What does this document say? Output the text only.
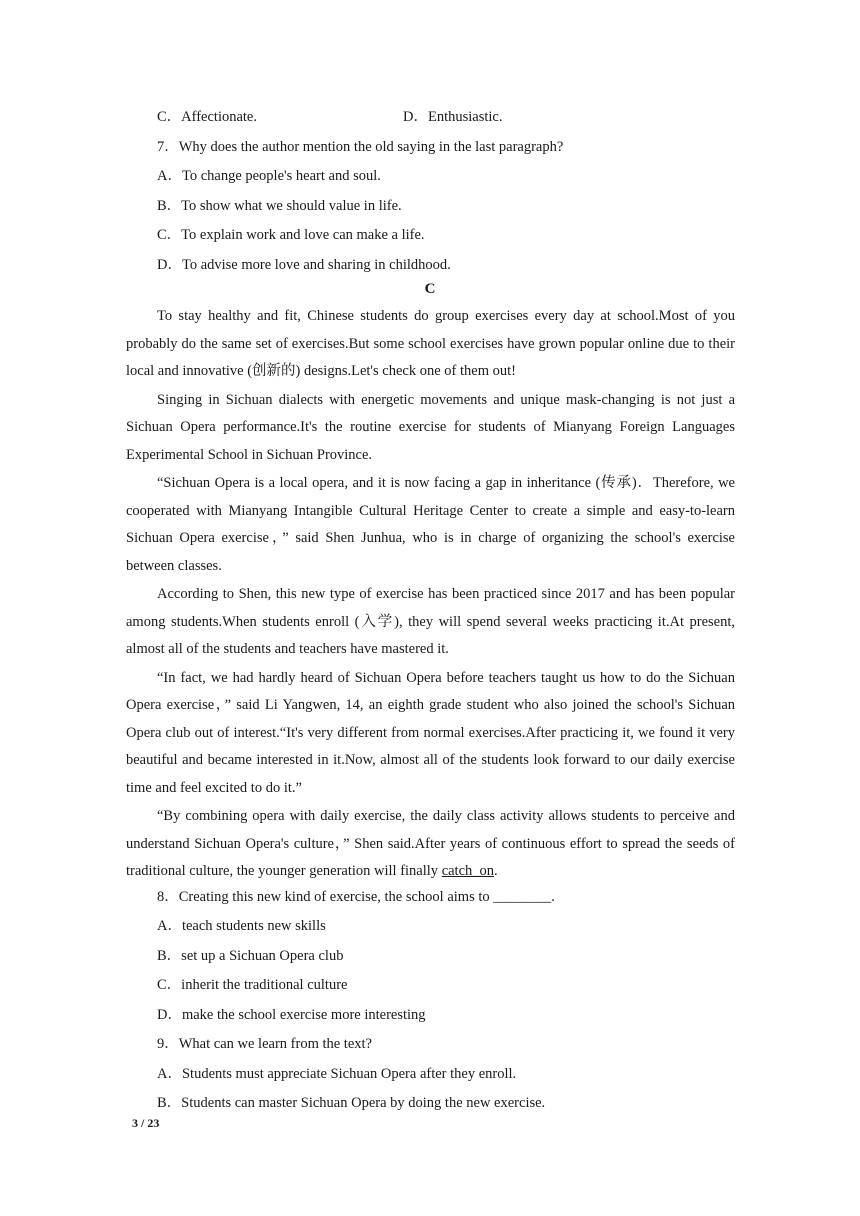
C．Affectionate.	D．Enthusiastic.
7．Why does the author mention the old saying in the last paragraph?
A．To change people's heart and soul.
B．To show what we should value in life.
C．To explain work and love can make a life.
D．To advise more love and sharing in childhood.
C

To stay healthy and fit, Chinese students do group exercises every day at school.Most of you probably do the same set of exercises.But some school exercises have grown popular online due to their local and innovative (创新的) designs.Let's check one of them out!

Singing in Sichuan dialects with energetic movements and unique mask-changing is not just a Sichuan Opera performance.It's the routine exercise for students of Mianyang Foreign Languages Experimental School in Sichuan Province.

“Sichuan Opera is a local opera, and it is now facing a gap in inheritance (传承)．Therefore, we cooperated with Mianyang Intangible Cultural Heritage Center to create a simple and easy-to-learn Sichuan Opera exercise，” said Shen Junhua, who is in charge of organizing the school's exercise between classes.

According to Shen, this new type of exercise has been practiced since 2017 and has been popular among students.When students enroll (入学), they will spend several weeks practicing it.At present, almost all of the students and teachers have mastered it.

“In fact, we had hardly heard of Sichuan Opera before teachers taught us how to do the Sichuan Opera exercise，” said Li Yangwen, 14, an eighth grade student who also joined the school's Sichuan Opera club out of interest.“It's very different from normal exercises.After practicing it, we found it very beautiful and became interested in it.Now, almost all of the students look forward to our daily exercise time and feel excited to do it.”

“By combining opera with daily exercise, the daily class activity allows students to perceive and understand Sichuan Opera's culture，” Shen said.After years of continuous effort to spread the seeds of traditional culture, the younger generation will finally catch_on.

8．Creating this new kind of exercise, the school aims to ________.
A．teach students new skills
B．set up a Sichuan Opera club
C．inherit the traditional culture
D．make the school exercise more interesting
9．What can we learn from the text?
A．Students must appreciate Sichuan Opera after they enroll.
B．Students can master Sichuan Opera by doing the new exercise.
3 / 23
